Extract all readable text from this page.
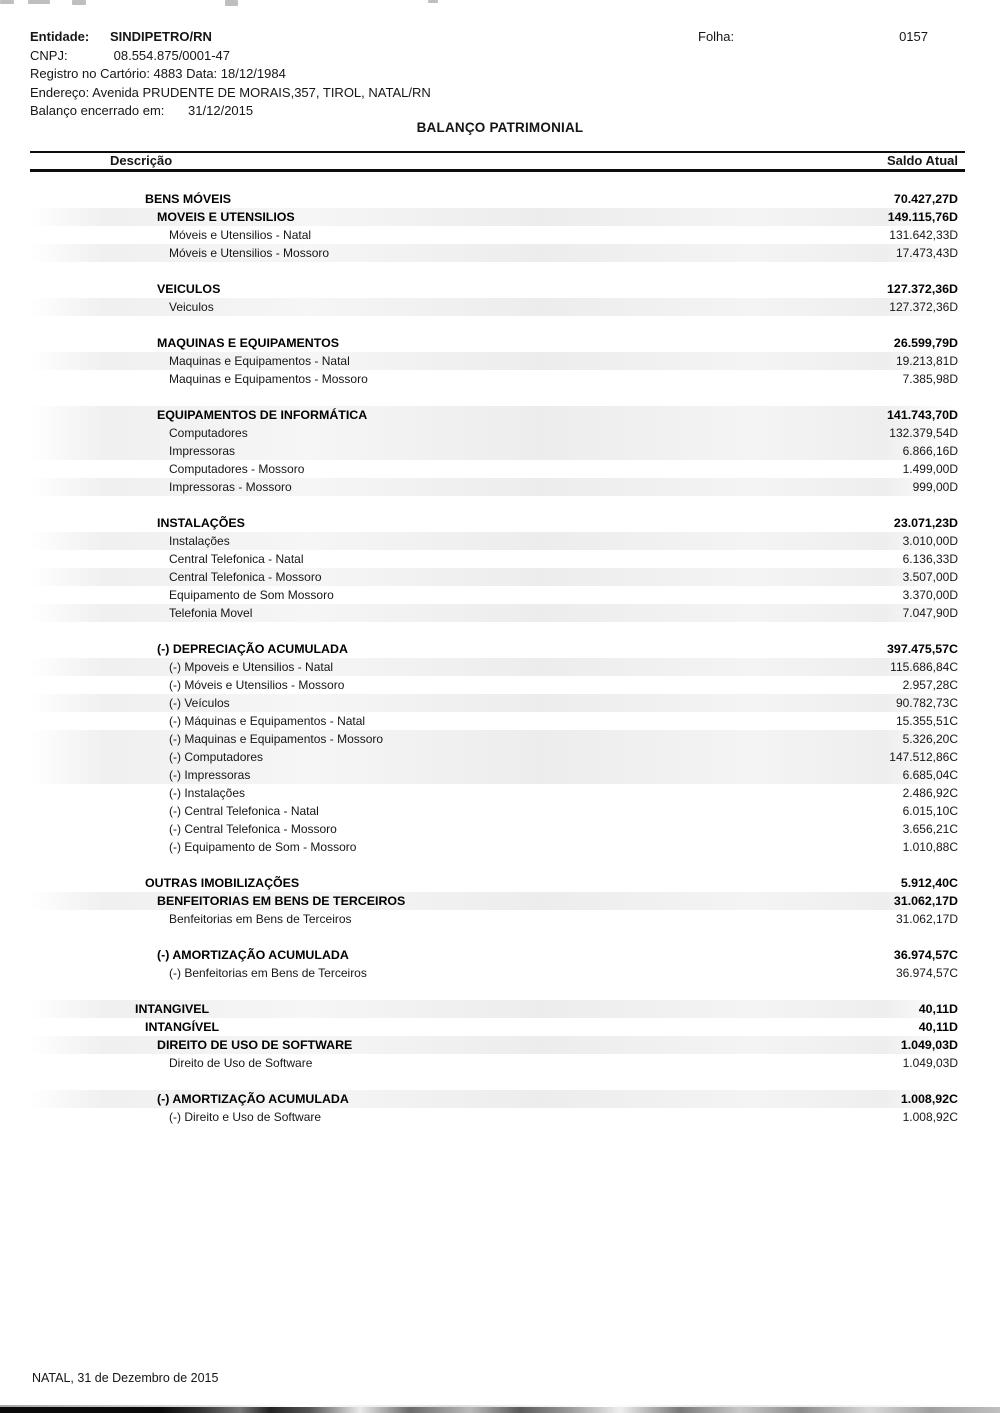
Entidade:	SINDIPETRO/RN
CNPJ:	08.554.875/0001-47
Registro no Cartório: 4883 Data: 18/12/1984
Endereço: Avenida PRUDENTE DE MORAIS,357, TIROL, NATAL/RN
Balanço encerrado em: 31/12/2015
Folha:	0157
BALANÇO PATRIMONIAL
Descrição	Saldo Atual
BENS MÓVEIS	70.427,27D
MOVEIS E UTENSILIOS	149.115,76D
Móveis e Utensilios - Natal	131.642,33D
Móveis e Utensilios - Mossoro	17.473,43D
VEICULOS	127.372,36D
Veiculos	127.372,36D
MAQUINAS E EQUIPAMENTOS	26.599,79D
Maquinas e Equipamentos - Natal	19.213,81D
Maquinas e Equipamentos - Mossoro	7.385,98D
EQUIPAMENTOS DE INFORMÁTICA	141.743,70D
Computadores	132.379,54D
Impressoras	6.866,16D
Computadores - Mossoro	1.499,00D
Impressoras - Mossoro	999,00D
INSTALAÇÕES	23.071,23D
Instalações	3.010,00D
Central Telefonica - Natal	6.136,33D
Central Telefonica - Mossoro	3.507,00D
Equipamento de Som Mossoro	3.370,00D
Telefonia Movel	7.047,90D
(-) DEPRECIAÇÃO ACUMULADA	397.475,57C
(-) Mpoveis e Utensilios - Natal	115.686,84C
(-) Móveis e Utensilios - Mossoro	2.957,28C
(-) Veículos	90.782,73C
(-) Máquinas e Equipamentos - Natal	15.355,51C
(-) Maquinas e Equipamentos - Mossoro	5.326,20C
(-) Computadores	147.512,86C
(-) Impressoras	6.685,04C
(-) Instalações	2.486,92C
(-) Central Telefonica - Natal	6.015,10C
(-) Central Telefonica - Mossoro	3.656,21C
(-) Equipamento de Som - Mossoro	1.010,88C
OUTRAS IMOBILIZAÇÕES	5.912,40C
BENFEITORIAS EM BENS DE TERCEIROS	31.062,17D
Benfeitorias em Bens de Terceiros	31.062,17D
(-) AMORTIZAÇÃO ACUMULADA	36.974,57C
(-) Benfeitorias em Bens de Terceiros	36.974,57C
INTANGIVEL	40,11D
INTANGÍVEL	40,11D
DIREITO DE USO DE SOFTWARE	1.049,03D
Direito de Uso de Software	1.049,03D
(-) AMORTIZAÇÃO ACUMULADA	1.008,92C
(-) Direito e Uso de Software	1.008,92C
NATAL, 31 de Dezembro de 2015
